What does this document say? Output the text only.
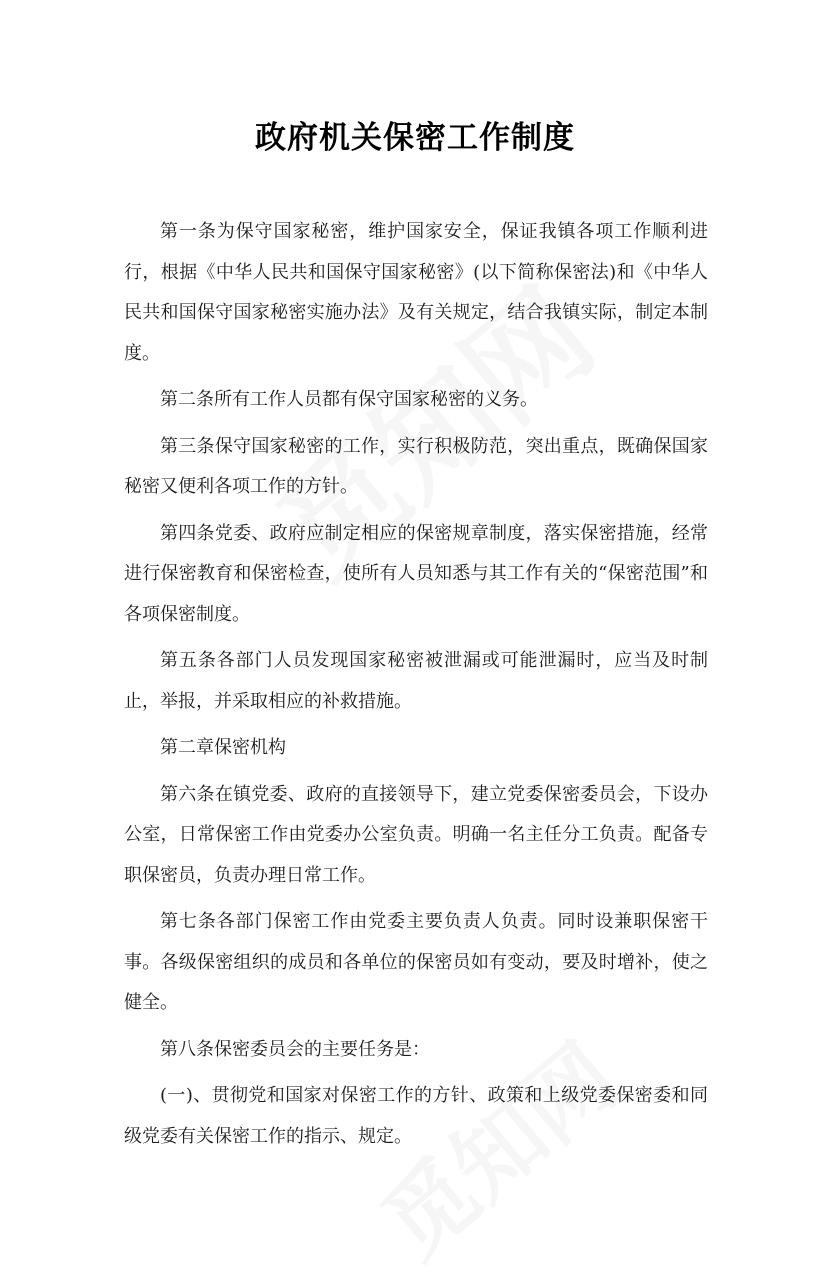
政府机关保密工作制度

第一条为保守国家秘密，维护国家安全，保证我镇各项工作顺利进行，根据《中华人民共和国保守国家秘密》(以下简称保密法)和《中华人民共和国保守国家秘密实施办法》及有关规定，结合我镇实际，制定本制度。

第二条所有工作人员都有保守国家秘密的义务。

第三条保守国家秘密的工作，实行积极防范，突出重点，既确保国家秘密又便利各项工作的方针。

第四条党委、政府应制定相应的保密规章制度，落实保密措施，经常进行保密教育和保密检查，使所有人员知悉与其工作有关的“保密范围”和各项保密制度。

第五条各部门人员发现国家秘密被泄漏或可能泄漏时，应当及时制止，举报，并采取相应的补救措施。

第二章保密机构

第六条在镇党委、政府的直接领导下，建立党委保密委员会，下设办公室，日常保密工作由党委办公室负责。明确一名主任分工负责。配备专职保密员，负责办理日常工作。

第七条各部门保密工作由党委主要负责人负责。同时设兼职保密干事。各级保密组织的成员和各单位的保密员如有变动，要及时增补，使之健全。

第八条保密委员会的主要任务是：

(一)、贯彻党和国家对保密工作的方针、政策和上级党委保密委和同级党委有关保密工作的指示、规定。
